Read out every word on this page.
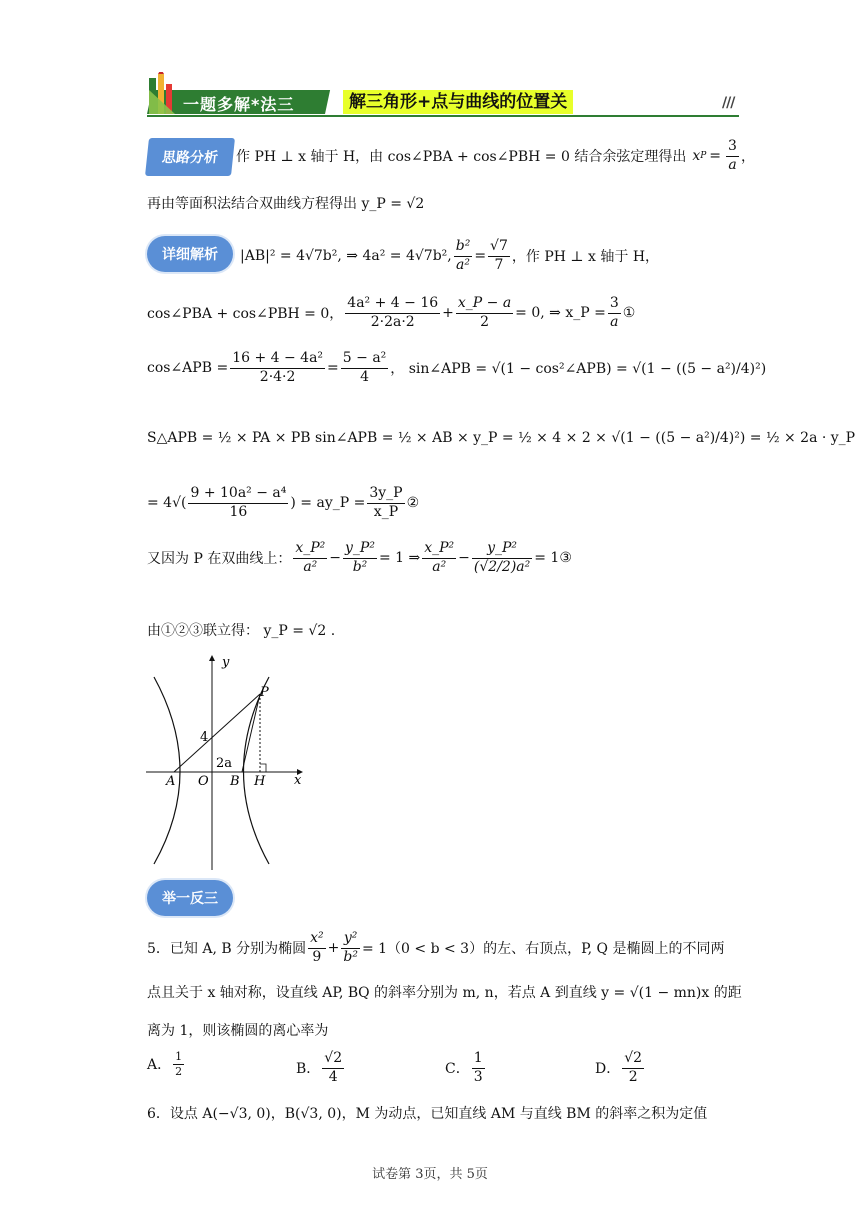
一题多解*法三	解三角形+点与曲线的位置关	///
思路分析	作 PH ⊥ x 轴于 H，由 cos∠PBA + cos∠PBH = 0 结合余弦定理得出 x $P = \frac{3}{a}$ ，
再由等面积法结合双曲线方程得出 y_P = √2
详细解析	|AB|² = 4√7b², ⇒ 4a² = 4√7b², $\frac{\text{b²}}{\text{a²}} = \frac{√7}{7}$ ，作 PH ⊥ x 轴于 H，
cos∠PBA + cos∠PBH = 0， $\frac{\text{4a² + 4 − 16}}{2\cdot 2a\cdot 2} + \frac{x\_P - a}{2} = 0$, ⇒ x_P = $\frac{3}{a}$ ①
cos∠APB = $\frac{\text{16 + 4 − 4a²}}{2\cdot 4\cdot 2} = \frac{\text{5 − a²}}{4}$ ， sin∠APB = √(1 − cos²∠APB) = √(1 − ((5 − a²)/4)²)
S△APB = ½ × PA × PB sin∠APB = ½ × AB × y_P = ½ × 4 × 2 × √(1 − ((5 − a²)/4)²) = ½ × 2a · y_P
= $4√( \frac{\text{9 + 10a² − a⁴}}{16}$ ) = ay_P = $\frac{3y\_P}{x\_P}$ ②
又因为 P 在双曲线上： $\frac{\text{x\_P²}}{\text{a²}} - \frac{\text{y\_P²}}{\text{b²}} = 1$ ⇒ $\frac{\text{x\_P²}}{\text{a²}} - \frac{\text{y\_P²}}{\text{(√2/2)a²}}$ = 1③
由①②③联立得： y_P = √2 .
y
x
P
4
2a
A O B H
举一反三
5．已知 A, B 分别为椭圆 $\frac{\text{x²}}{9} + \frac{\text{y²}}{\text{b²}} = 1(0 < b < 3)$的左、右顶点，P, Q 是椭圆上的不同两
点且关于 x 轴对称，设直线 AP, BQ 的斜率分别为 m, n，若点 A 到直线 y = √(1 − mn)x 的距
离为 1，则该椭圆的离心率为
A． $\frac{1}{2}$	B． $\frac{√2}{4}$	C． $\frac{1}{3}$	D． $\frac{√2}{2}$
6．设点 A(−√3, 0)，B(√3, 0)，M 为动点，已知直线 AM 与直线 BM 的斜率之积为定值
试卷第 3页，共 5页
